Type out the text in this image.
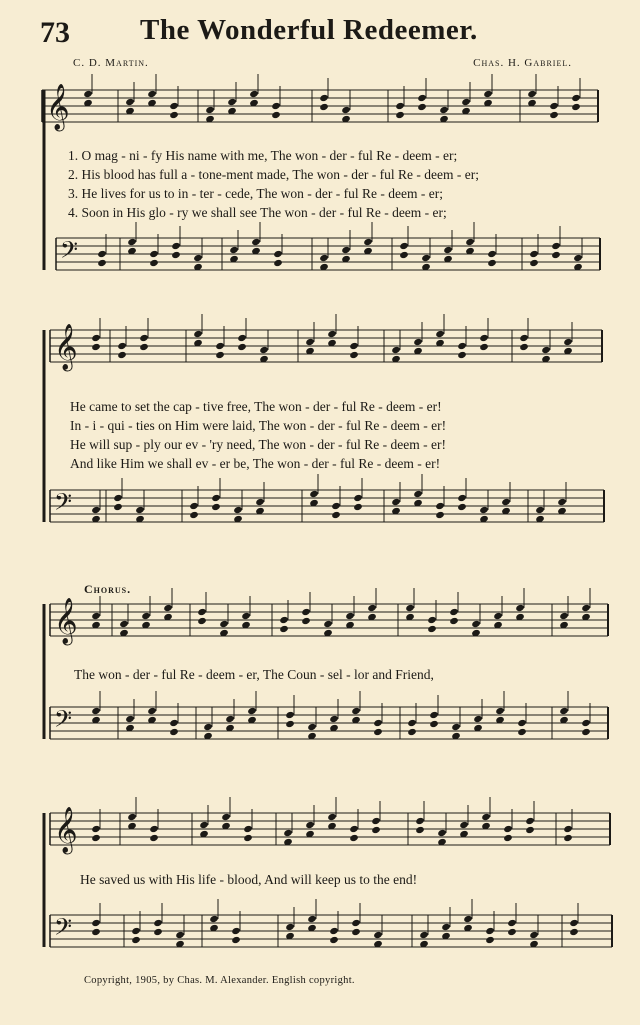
73 The Wonderful Redeemer.
C. D. Martin.	Chas. H. Gabriel.
𝄞
𝄢
𝄞
𝄢
𝄞
𝄢
𝄞
𝄢
1. O mag - ni - fy His name with me, The won - der - ful Re - deem - er;
2. His blood has full a - tone-ment made, The won - der - ful Re - deem - er;
3. He lives for us to in - ter - cede, The won - der - ful Re - deem - er;
4. Soon in His glo - ry we shall see The won - der - ful Re - deem - er;
He came to set the cap - tive free, The won - der - ful Re - deem - er!
In - i - qui - ties on Him were laid, The won - der - ful Re - deem - er!
He will sup - ply our ev - 'ry need, The won - der - ful Re - deem - er!
And like Him we shall ev - er be, The won - der - ful Re - deem - er!
Chorus.
The won - der - ful Re - deem - er, The Coun - sel - lor and Friend,
He saved us with His life - blood, And will keep us to the end!
Copyright, 1905, by Chas. M. Alexander. English copyright.
